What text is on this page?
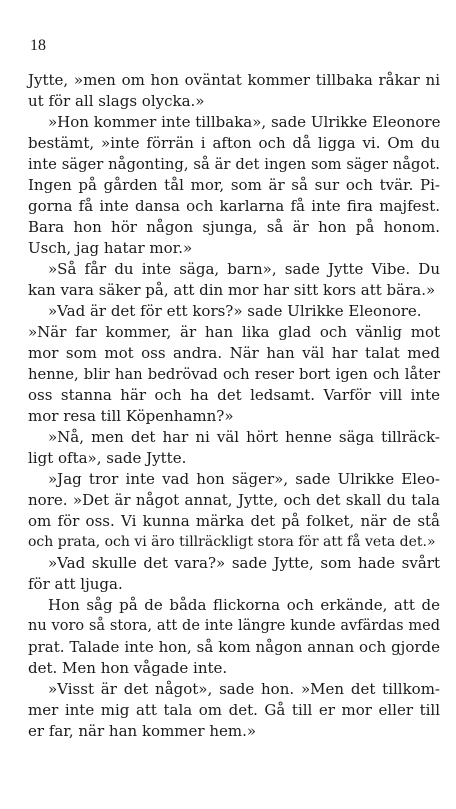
18
Jytte, »men om hon oväntat kommer tillbaka råkar ni
ut för all slags olycka.»
»Hon kommer inte tillbaka», sade Ulrikke Eleonore
bestämt, »inte förrän i afton och då ligga vi. Om du
inte säger någonting, så är det ingen som säger något.
Ingen på gården tål mor, som är så sur och tvär. Pi-
gorna få inte dansa och karlarna få inte fira majfest.
Bara hon hör någon sjunga, så är hon på honom.
Usch, jag hatar mor.»
»Så får du inte säga, barn», sade Jytte Vibe. Du
kan vara säker på, att din mor har sitt kors att bära.»
»Vad är det för ett kors?» sade Ulrikke Eleonore.
»När far kommer, är han lika glad och vänlig mot
mor som mot oss andra. När han väl har talat med
henne, blir han bedrövad och reser bort igen och låter
oss stanna här och ha det ledsamt. Varför vill inte
mor resa till Köpenhamn?»
»Nå, men det har ni väl hört henne säga tillräck-
ligt ofta», sade Jytte.
»Jag tror inte vad hon säger», sade Ulrikke Eleo-
nore. »Det är något annat, Jytte, och det skall du tala
om för oss. Vi kunna märka det på folket, när de stå
och prata, och vi äro tillräckligt stora för att få veta det.»
»Vad skulle det vara?» sade Jytte, som hade svårt
för att ljuga.
Hon såg på de båda flickorna och erkände, att de
nu voro så stora, att de inte längre kunde avfärdas med
prat. Talade inte hon, så kom någon annan och gjorde
det. Men hon vågade inte.
»Visst är det något», sade hon. »Men det tillkom-
mer inte mig att tala om det. Gå till er mor eller till
er far, när han kommer hem.»
